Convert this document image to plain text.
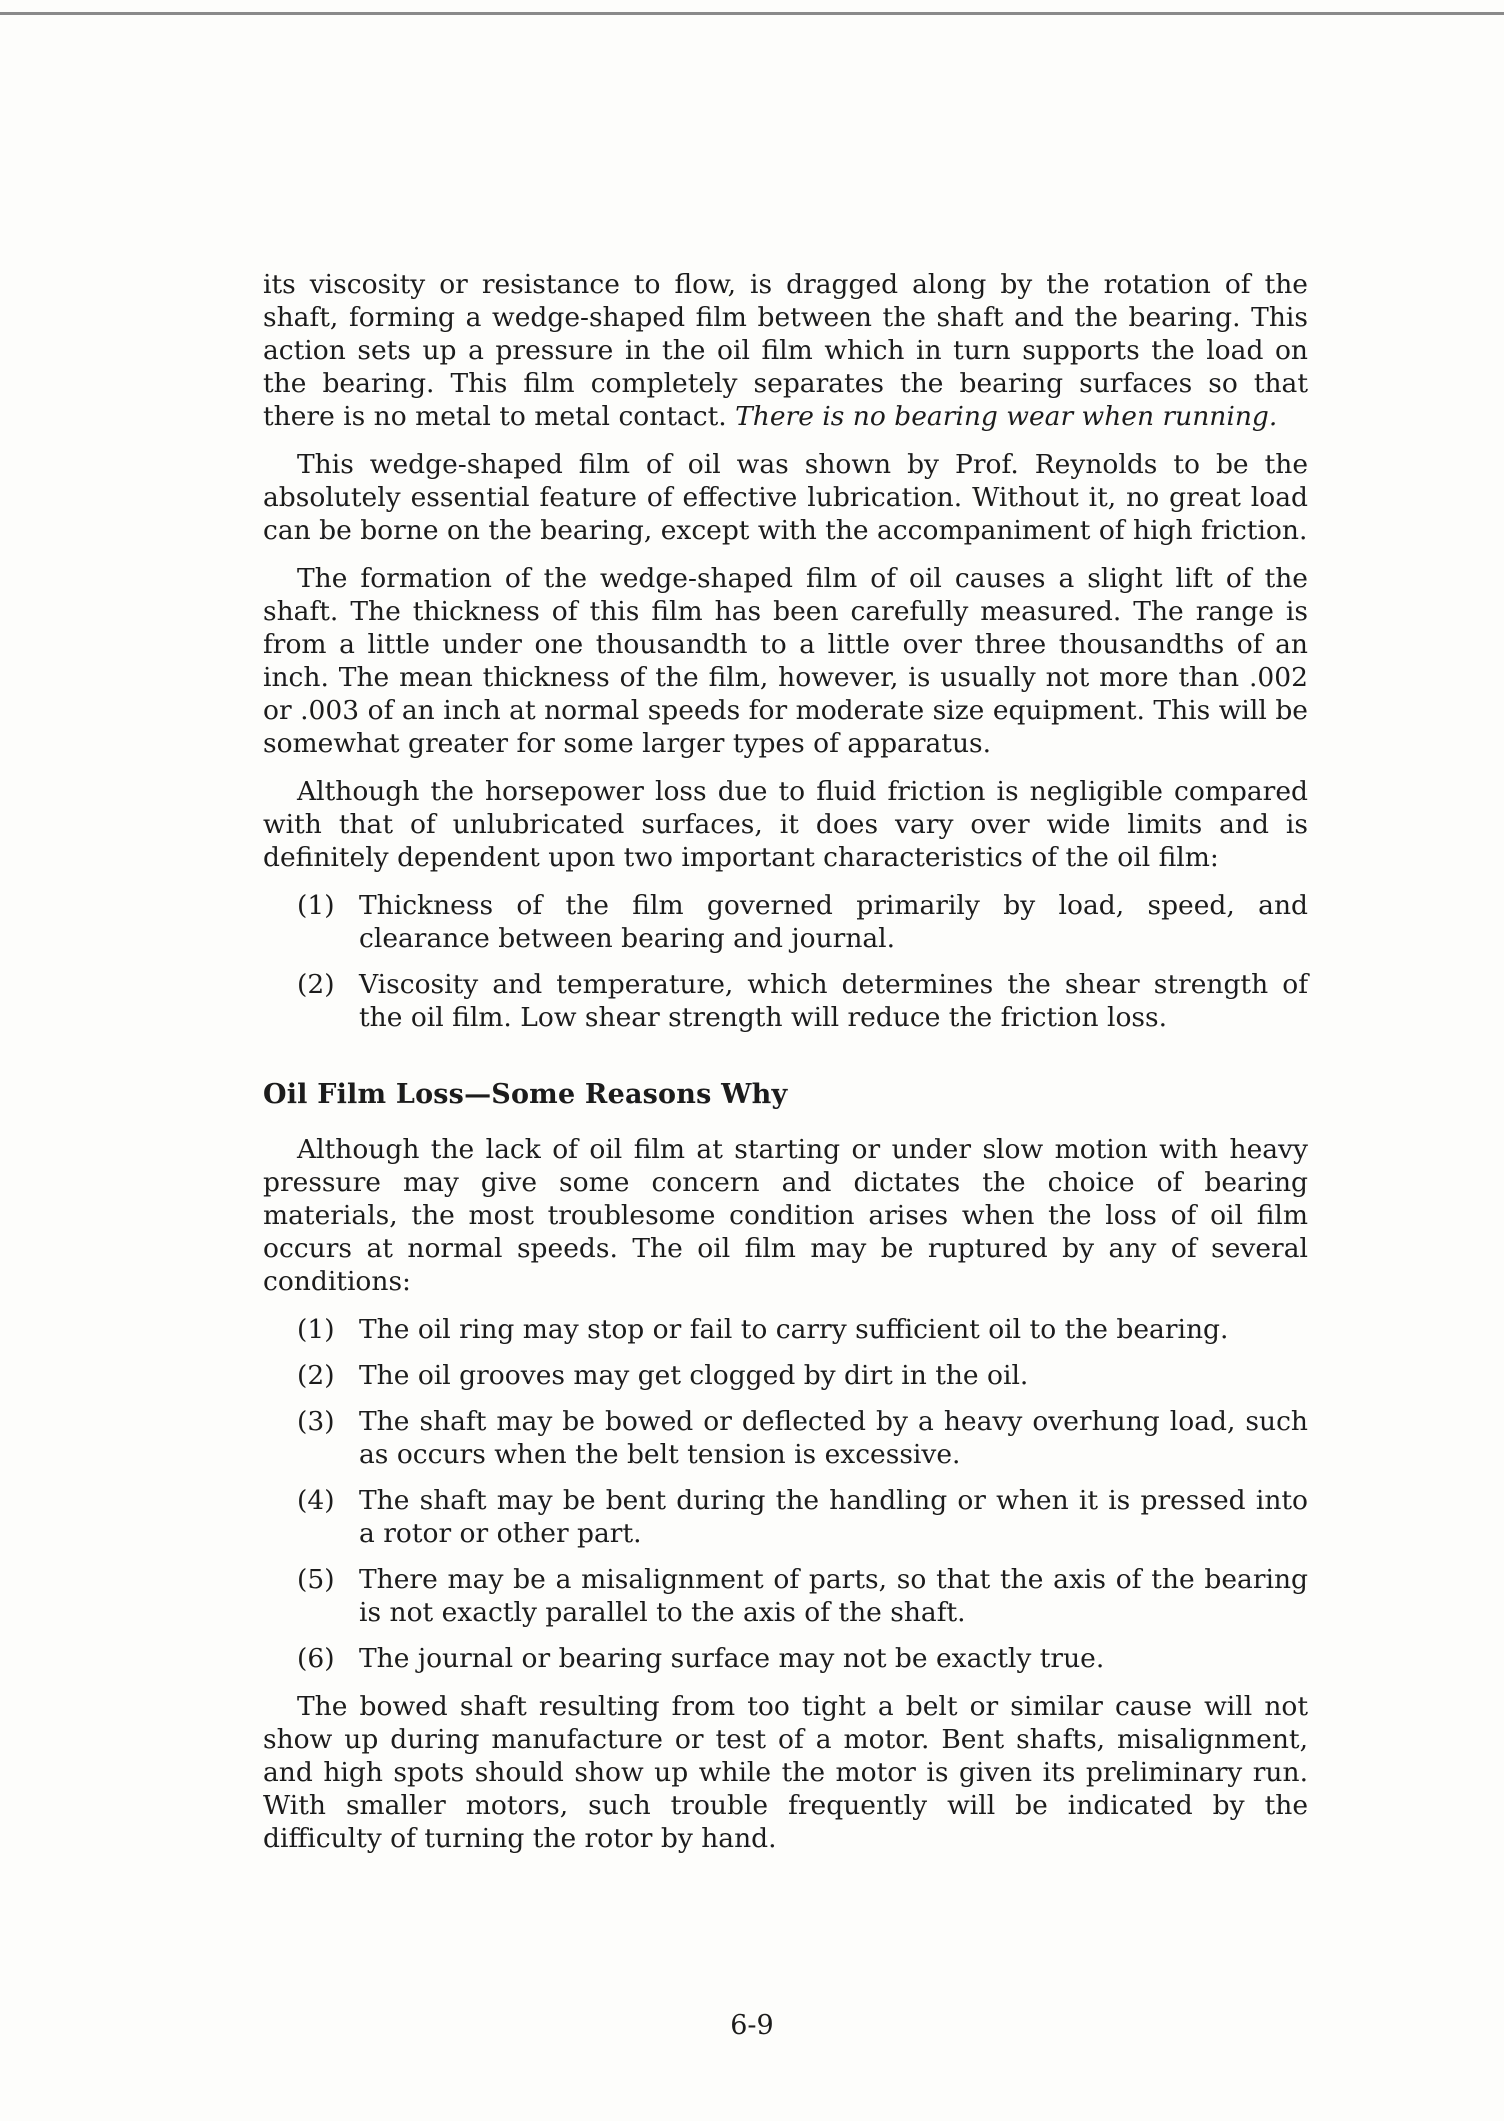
its viscosity or resistance to flow, is dragged along by the rotation of the shaft, forming a wedge-shaped film between the shaft and the bearing. This action sets up a pressure in the oil film which in turn supports the load on the bearing. This film completely separates the bearing surfaces so that there is no metal to metal contact. There is no bearing wear when running.

This wedge-shaped film of oil was shown by Prof. Reynolds to be the absolutely essential feature of effective lubrication. Without it, no great load can be borne on the bearing, except with the accompaniment of high friction.

The formation of the wedge-shaped film of oil causes a slight lift of the shaft. The thickness of this film has been carefully measured. The range is from a little under one thousandth to a little over three thousandths of an inch. The mean thickness of the film, however, is usually not more than .002 or .003 of an inch at normal speeds for moderate size equipment. This will be somewhat greater for some larger types of apparatus.

Although the horsepower loss due to fluid friction is negligible compared with that of unlubricated surfaces, it does vary over wide limits and is definitely dependent upon two important characteristics of the oil film:

(1) Thickness of the film governed primarily by load, speed, and clearance between bearing and journal.
(2) Viscosity and temperature, which determines the shear strength of the oil film. Low shear strength will reduce the friction loss.
Oil Film Loss—Some Reasons Why

Although the lack of oil film at starting or under slow motion with heavy pressure may give some concern and dictates the choice of bearing materials, the most troublesome condition arises when the loss of oil film occurs at normal speeds. The oil film may be ruptured by any of several conditions:

(1) The oil ring may stop or fail to carry sufficient oil to the bearing.
(2) The oil grooves may get clogged by dirt in the oil.
(3) The shaft may be bowed or deflected by a heavy overhung load, such as occurs when the belt tension is excessive.
(4) The shaft may be bent during the handling or when it is pressed into a rotor or other part.
(5) There may be a misalignment of parts, so that the axis of the bearing is not exactly parallel to the axis of the shaft.
(6) The journal or bearing surface may not be exactly true.

The bowed shaft resulting from too tight a belt or similar cause will not show up during manufacture or test of a motor. Bent shafts, misalignment, and high spots should show up while the motor is given its preliminary run. With smaller motors, such trouble frequently will be indicated by the difficulty of turning the rotor by hand.

6-9
